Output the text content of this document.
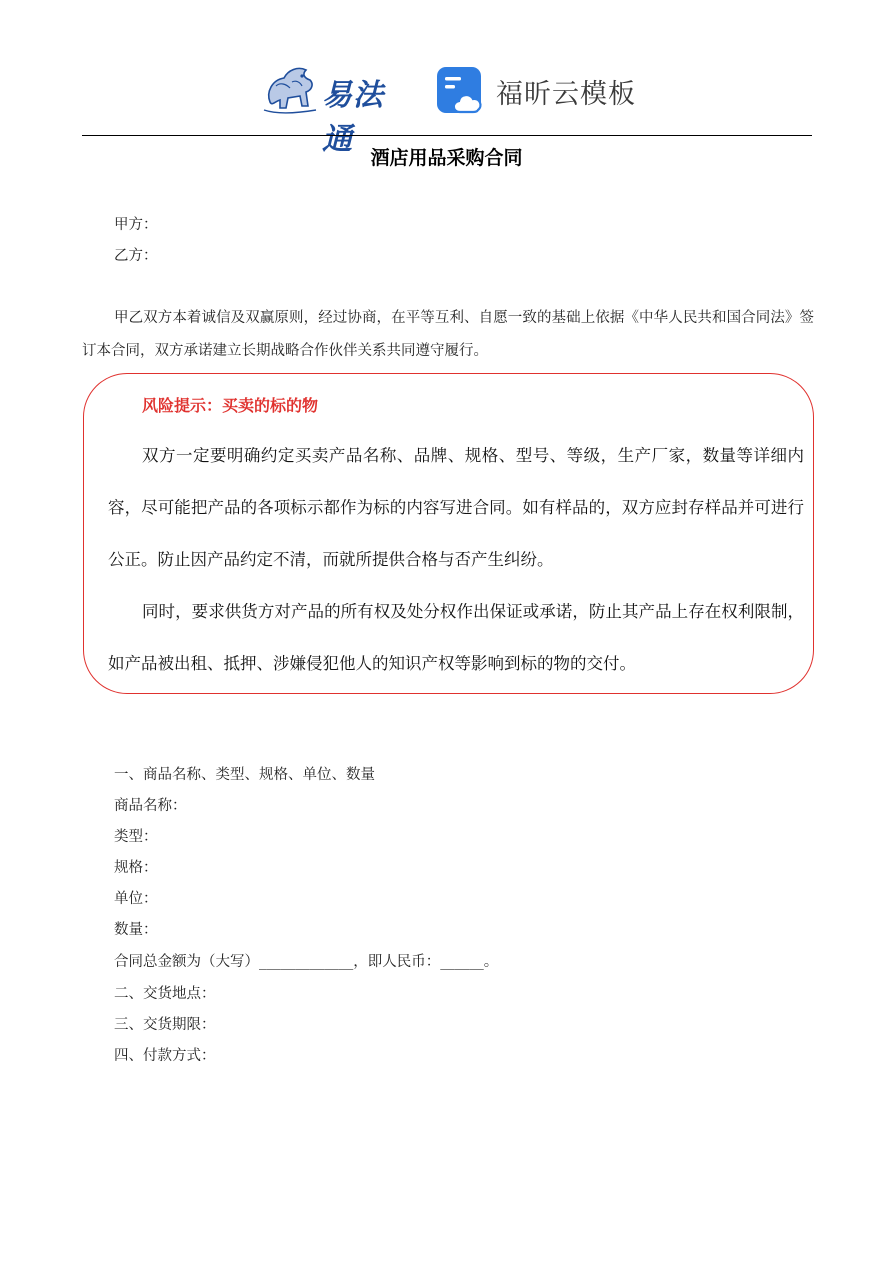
易法通
福昕云模板
酒店用品采购合同
甲方：
乙方：
甲乙双方本着诚信及双赢原则，经过协商，在平等互利、自愿一致的基础上依据《中华人民共和国合同法》签订本合同，双方承诺建立长期战略合作伙伴关系共同遵守履行。
风险提示：买卖的标的物
双方一定要明确约定买卖产品名称、品牌、规格、型号、等级，生产厂家，数量等详细内容，尽可能把产品的各项标示都作为标的内容写进合同。如有样品的，双方应封存样品并可进行公正。防止因产品约定不清，而就所提供合格与否产生纠纷。
同时，要求供货方对产品的所有权及处分权作出保证或承诺，防止其产品上存在权利限制，如产品被出租、抵押、涉嫌侵犯他人的知识产权等影响到标的物的交付。
一、商品名称、类型、规格、单位、数量
商品名称：
类型：
规格：
单位：
数量：
合同总金额为（大写）_____________，即人民币：______。
二、交货地点：
三、交货期限：
四、付款方式：
